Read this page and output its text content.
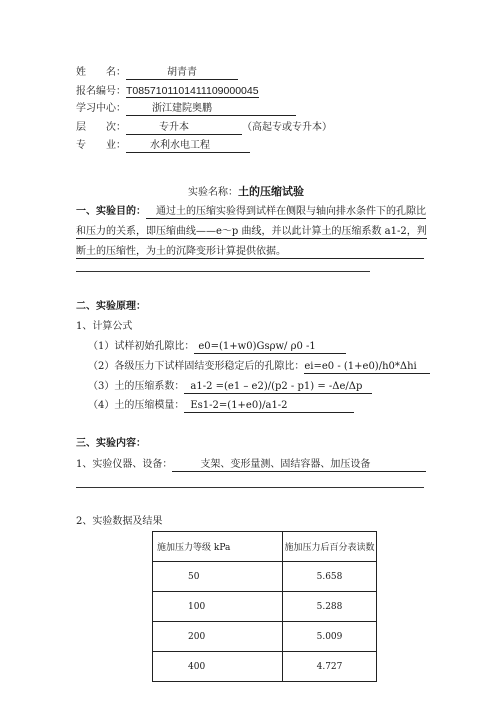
姓　　名：	胡青青
报名编号：T0857101101411109000045
学习中心：	浙江建院奥鹏
层　　次：	专升本	（高起专或专升本）
专　　业： 水利水电工程
实验名称：土的压缩试验
一、实验目的： 通过土的压缩实验得到试样在侧限与轴向排水条件下的孔隙比
和压力的关系，即压缩曲线——e～p 曲线，并以此计算土的压缩系数 a1-2，判
断土的压缩性，为土的沉降变形计算提供依据。
二、实验原理：
1、计算公式
（1）试样初始孔隙比： e0=(1+w0)Gsρw/ ρ0 -1
（2）各级压力下试样固结变形稳定后的孔隙比：ei=e0 - (1+e0)/h0*Δhi
（3）土的压缩系数： a1-2 =(e1 – e2)/(p2 - p1) = -Δe/Δp
（4）土的压缩模量： Es1-2=(1+e0)/a1-2
三、实验内容：
1、实验仪器、设备：	支架、变形量测、固结容器、加压设备
2、实验数据及结果
施加压力等级 kPa	施加压力后百分表读数
50	5.658
100	5.288
200	5.009
400	4.727
